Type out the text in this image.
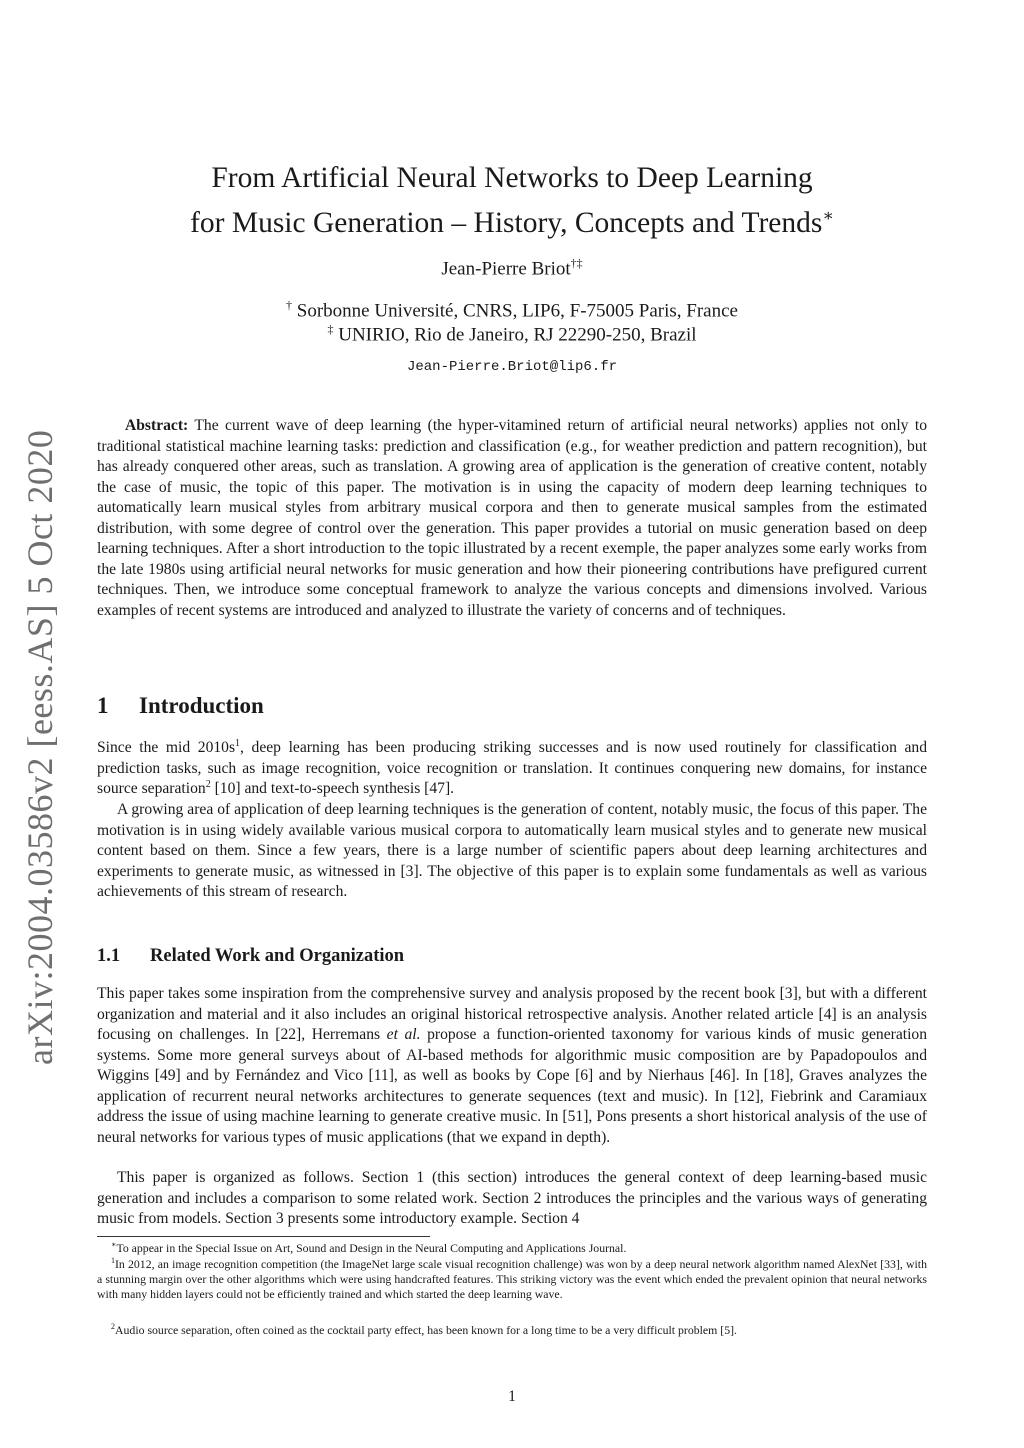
arXiv:2004.03586v2 [eess.AS] 5 Oct 2020
From Artificial Neural Networks to Deep Learning
for Music Generation – History, Concepts and Trends∗
Jean-Pierre Briot†‡
† Sorbonne Université, CNRS, LIP6, F-75005 Paris, France
‡ UNIRIO, Rio de Janeiro, RJ 22290-250, Brazil
Jean-Pierre.Briot@lip6.fr
Abstract: The current wave of deep learning (the hyper-vitamined return of artificial neural networks) applies not only to traditional statistical machine learning tasks: prediction and classification (e.g., for weather prediction and pattern recognition), but has already conquered other areas, such as translation. A growing area of application is the generation of creative content, notably the case of music, the topic of this paper. The motivation is in using the capacity of modern deep learning techniques to automatically learn musical styles from arbitrary musical corpora and then to generate musical samples from the estimated distribution, with some degree of control over the generation. This paper provides a tutorial on music generation based on deep learning techniques. After a short introduction to the topic illustrated by a recent exemple, the paper analyzes some early works from the late 1980s using artificial neural networks for music generation and how their pioneering contributions have prefigured current techniques. Then, we introduce some conceptual framework to analyze the various concepts and dimensions involved. Various examples of recent systems are introduced and analyzed to illustrate the variety of concerns and of techniques.
1 Introduction
Since the mid $2010s^1$, deep learning has been producing striking successes and is now used routinely for classification and prediction tasks, such as image recognition, voice recognition or translation. It continues conquering new domains, for instance source separation$^2$ [10] and text-to-speech synthesis [47].
A growing area of application of deep learning techniques is the generation of content, notably music, the focus of this paper. The motivation is in using widely available various musical corpora to automatically learn musical styles and to generate new musical content based on them. Since a few years, there is a large number of scientific papers about deep learning architectures and experiments to generate music, as witnessed in [3]. The objective of this paper is to explain some fundamentals as well as various achievements of this stream of research.
1.1 Related Work and Organization
This paper takes some inspiration from the comprehensive survey and analysis proposed by the recent book [3], but with a different organization and material and it also includes an original historical retrospective analysis. Another related article [4] is an analysis focusing on challenges. In [22], Herremans et al. propose a function-oriented taxonomy for various kinds of music generation systems. Some more general surveys about of AI-based methods for algorithmic music composition are by Papadopoulos and Wiggins [49] and by Fernández and Vico [11], as well as books by Cope [6] and by Nierhaus [46]. In [18], Graves analyzes the application of recurrent neural networks architectures to generate sequences (text and music). In [12], Fiebrink and Caramiaux address the issue of using machine learning to generate creative music. In [51], Pons presents a short historical analysis of the use of neural networks for various types of music applications (that we expand in depth).
This paper is organized as follows. Section 1 (this section) introduces the general context of deep learning-based music generation and includes a comparison to some related work. Section 2 introduces the principles and the various ways of generating music from models. Section 3 presents some introductory example. Section 4
∗To appear in the Special Issue on Art, Sound and Design in the Neural Computing and Applications Journal.
$^1$In 2012, an image recognition competition (the ImageNet large scale visual recognition challenge) was won by a deep neural network algorithm named AlexNet [33], with a stunning margin over the other algorithms which were using handcrafted features. This striking victory was the event which ended the prevalent opinion that neural networks with many hidden layers could not be efficiently trained and which started the deep learning wave.
$^2$Audio source separation, often coined as the cocktail party effect, has been known for a long time to be a very difficult problem [5].
1
